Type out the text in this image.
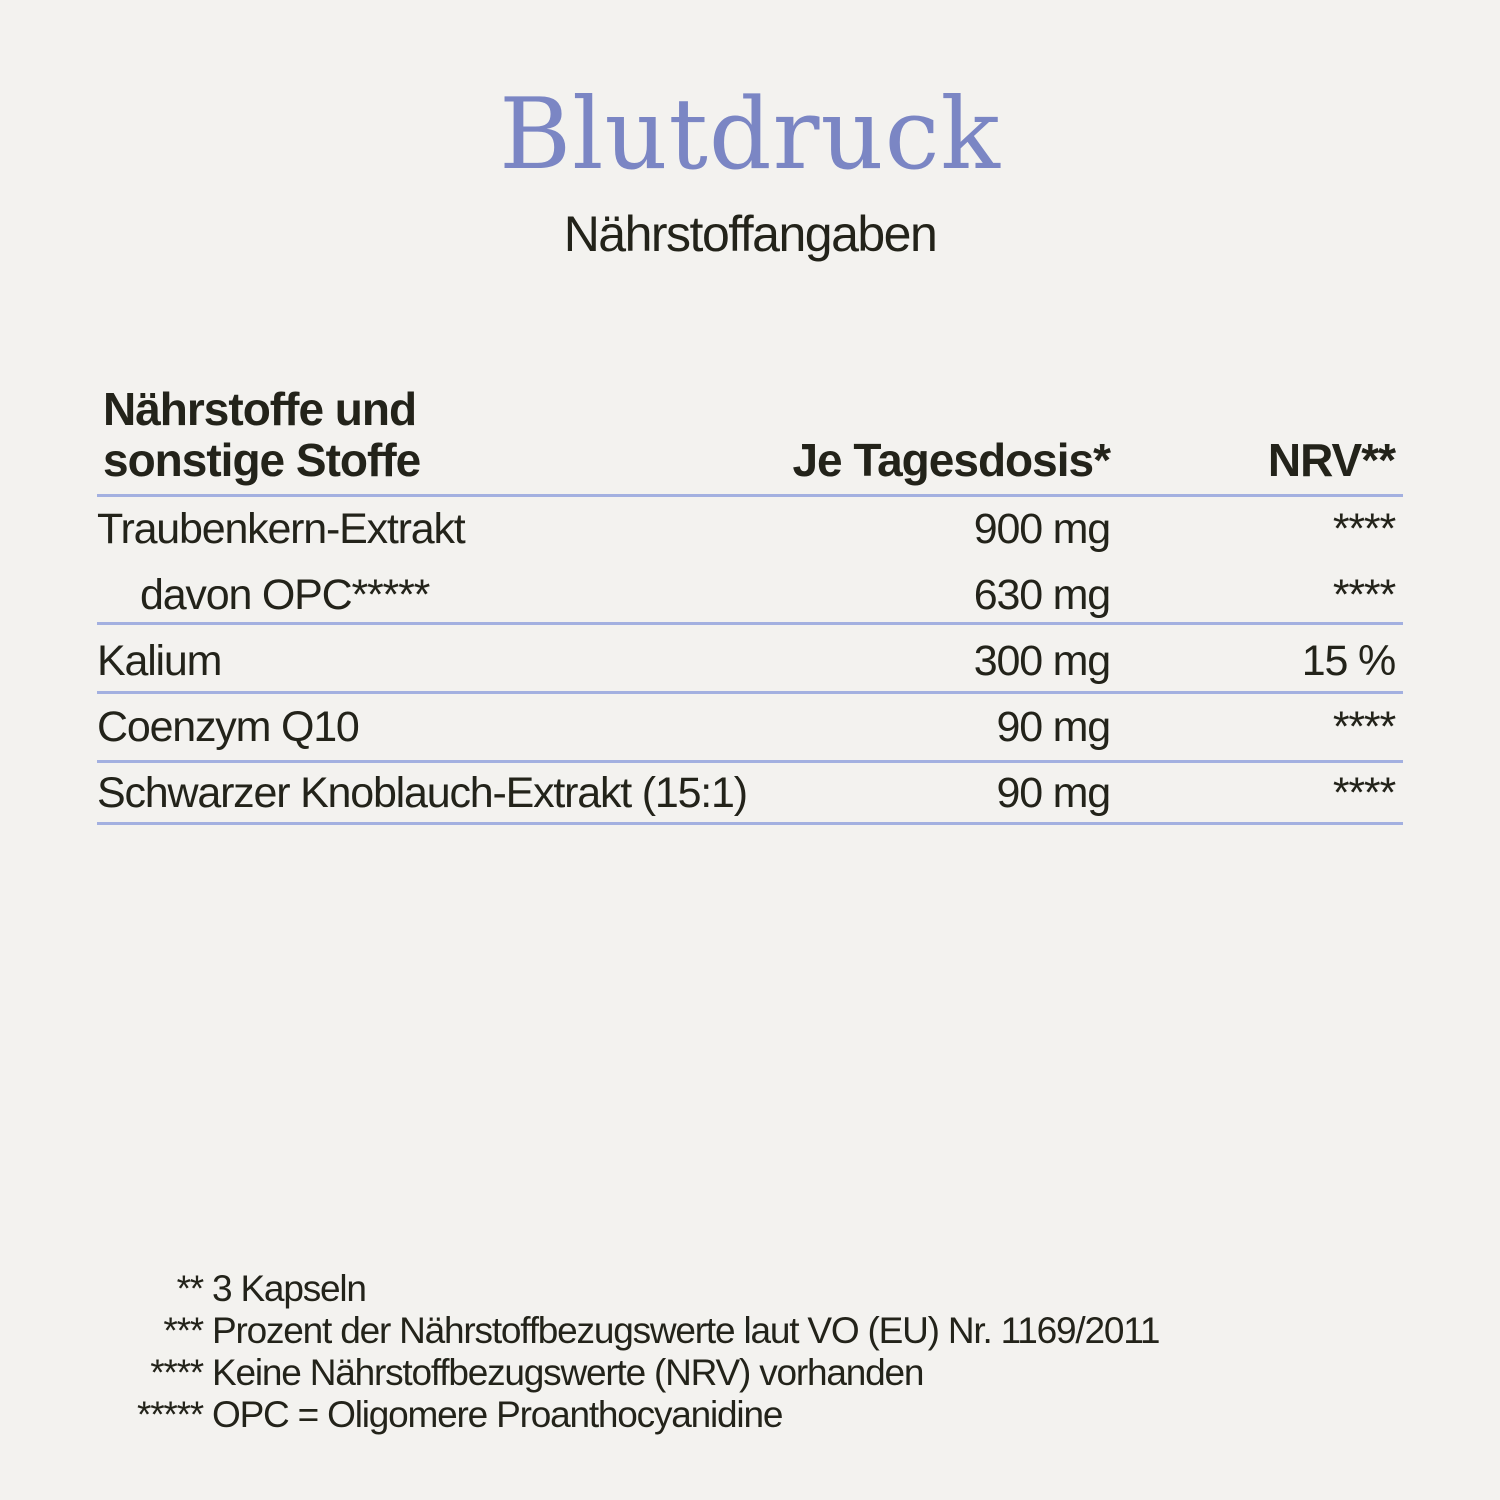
Blutdruck
Nährstoffangaben
Nährstoffe und
sonstige Stoffe	Je Tagesdosis*	NRV**
Traubenkern-Extrakt	900 mg	****
davon OPC*****	630 mg	****
Kalium	300 mg	15 %
Coenzym Q10	90 mg	****
Schwarzer Knoblauch-Extrakt (15:1)	90 mg	****
** 3 Kapseln
*** Prozent der Nährstoffbezugswerte laut VO (EU) Nr. 1169/2011
**** Keine Nährstoffbezugswerte (NRV) vorhanden
***** OPC = Oligomere Proanthocyanidine
